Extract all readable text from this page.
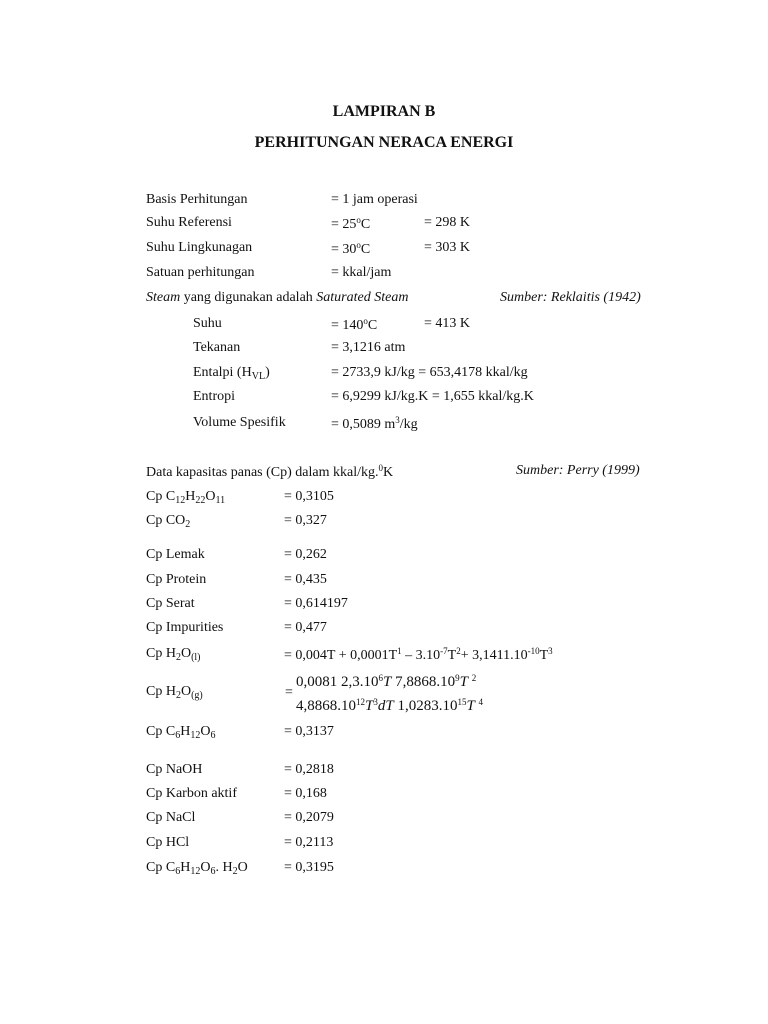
LAMPIRAN B
PERHITUNGAN NERACA ENERGI
Basis Perhitungan	= 1 jam operasi
Suhu Referensi	= $25^oC$	= 298 K
Suhu Lingkunagan	= $30^oC$	= 303 K
Satuan perhitungan	= kkal/jam
Steam yang digunakan adalah Saturated Steam	Sumber: Reklaitis (1942)
Suhu	= $140^oC$	= 413 K
Tekanan	= 3,1216 atm
Entalpi $(H_{VL})$	= 2733,9 kJ/kg = 653,4178 kkal/kg
Entropi	= 6,9299 kJ/kg.K = 1,655 kkal/kg.K
Volume Spesifik	= 0,5089 $m^3/kg$
Data kapasitas panas (Cp) dalam kkal/kg.$^0$K	Sumber: Perry (1999)
Cp $C_{12}H_{22}O_{11}$	= 0,3105
Cp $CO_2$	= 0,327
Cp Lemak	= 0,262
Cp Protein	= 0,435
Cp Serat	= 0,614197
Cp Impurities	= 0,477
Cp $H_2O_{(l)}$	= $0,004T + 0,0001T^1 - 3.10^{-7}T^2+ 3,1411.10^{-10}T^3$
Cp $H_2O_{(g)}$	=
0,0081 2,3.10$^6$T 7,8868.10$^9$T $^2$
$4,8868.10^{12}T^3dT$ 1,0283.10$^{15}$T $^4$
Cp $C_6H_{12}O_6$	= 0,3137
Cp NaOH	= 0,2818
Cp Karbon aktif	= 0,168
Cp NaCl	= 0,2079
Cp HCl	= 0,2113
Cp $C_6H_{12}O_6$. $H_2O$	= 0,3195
